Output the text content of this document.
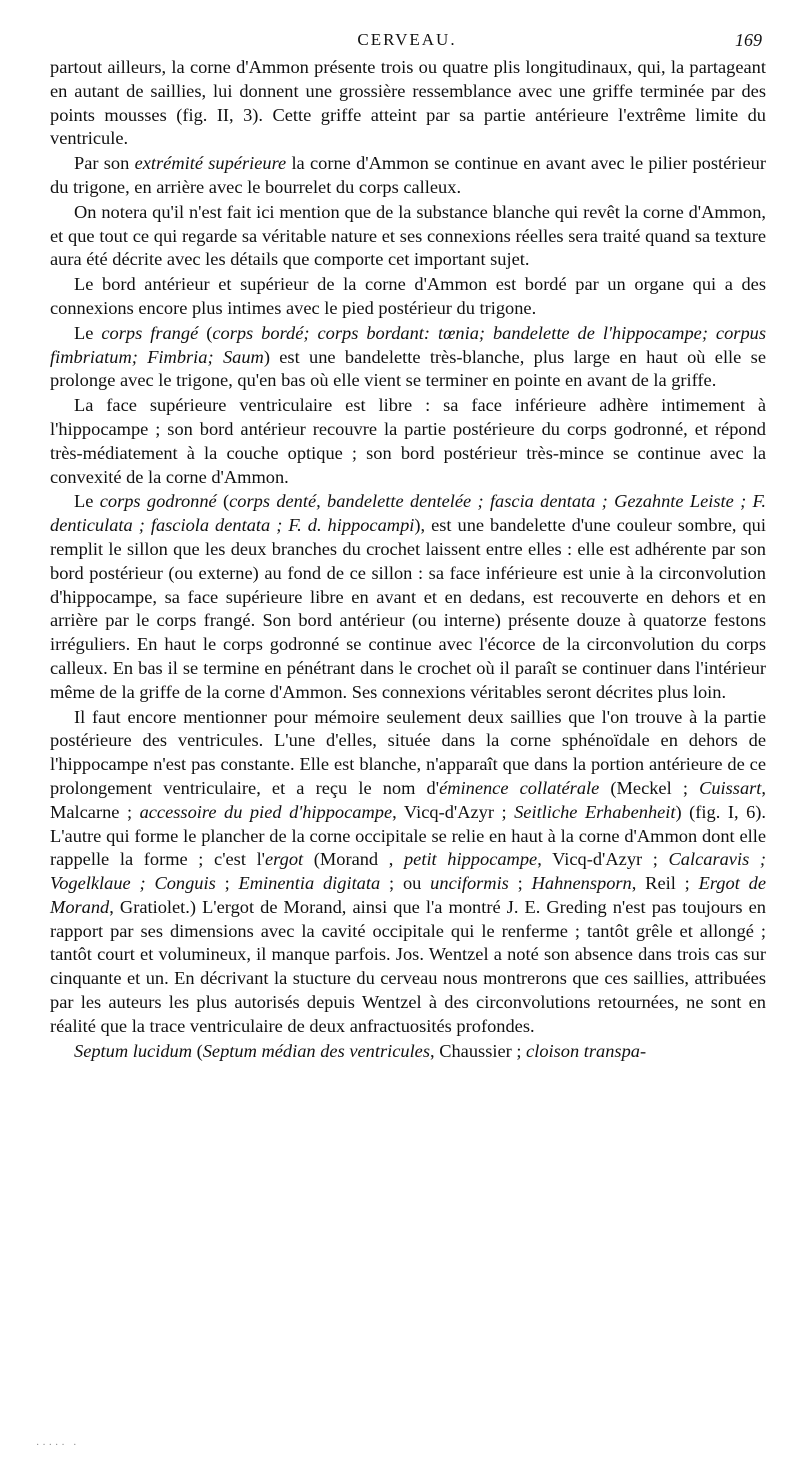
CERVEAU.	169

partout ailleurs, la corne d'Ammon présente trois ou quatre plis longitudinaux, qui, la partageant en autant de saillies, lui donnent une grossière ressemblance avec une griffe terminée par des points mousses (fig. II, 3). Cette griffe atteint par sa partie antérieure l'extrême limite du ventricule.

Par son extrémité supérieure la corne d'Ammon se continue en avant avec le pilier postérieur du trigone, en arrière avec le bourrelet du corps calleux.

On notera qu'il n'est fait ici mention que de la substance blanche qui revêt la corne d'Ammon, et que tout ce qui regarde sa véritable nature et ses connexions réelles sera traité quand sa texture aura été décrite avec les détails que comporte cet important sujet.

Le bord antérieur et supérieur de la corne d'Ammon est bordé par un organe qui a des connexions encore plus intimes avec le pied postérieur du trigone.

Le corps frangé (corps bordé; corps bordant: tœnia; bandelette de l'hippocampe; corpus fimbriatum; Fimbria; Saum) est une bandelette très-blanche, plus large en haut où elle se prolonge avec le trigone, qu'en bas où elle vient se terminer en pointe en avant de la griffe.

La face supérieure ventriculaire est libre : sa face inférieure adhère intimement à l'hippocampe ; son bord antérieur recouvre la partie postérieure du corps godronné, et répond très-médiatement à la couche optique ; son bord postérieur très-mince se continue avec la convexité de la corne d'Ammon.

Le corps godronné (corps denté, bandelette dentelée ; fascia dentata ; Gezahnte Leiste ; F. denticulata ; fasciola dentata ; F. d. hippocampi), est une bandelette d'une couleur sombre, qui remplit le sillon que les deux branches du crochet laissent entre elles : elle est adhérente par son bord postérieur (ou externe) au fond de ce sillon : sa face inférieure est unie à la circonvolution d'hippocampe, sa face supérieure libre en avant et en dedans, est recouverte en dehors et en arrière par le corps frangé. Son bord antérieur (ou interne) présente douze à quatorze festons irréguliers. En haut le corps godronné se continue avec l'écorce de la circonvolution du corps calleux. En bas il se termine en pénétrant dans le crochet où il paraît se continuer dans l'intérieur même de la griffe de la corne d'Ammon. Ses connexions véritables seront décrites plus loin.

Il faut encore mentionner pour mémoire seulement deux saillies que l'on trouve à la partie postérieure des ventricules. L'une d'elles, située dans la corne sphénoïdale en dehors de l'hippocampe n'est pas constante. Elle est blanche, n'apparaît que dans la portion antérieure de ce prolongement ventriculaire, et a reçu le nom d'éminence collatérale (Meckel ; Cuissart, Malcarne ; accessoire du pied d'hippocampe, Vicq-d'Azyr ; Seitliche Erhabenheit) (fig. I, 6). L'autre qui forme le plancher de la corne occipitale se relie en haut à la corne d'Ammon dont elle rappelle la forme ; c'est l'ergot (Morand , petit hippocampe, Vicq-d'Azyr ; Calcaravis ; Vogelklaue ; Conguis ; Eminentia digitata ; ou unciformis ; Hahnensporn, Reil ; Ergot de Morand, Gratiolet.) L'ergot de Morand, ainsi que l'a montré J. E. Greding n'est pas toujours en rapport par ses dimensions avec la cavité occipitale qui le renferme ; tantôt grêle et allongé ; tantôt court et volumineux, il manque parfois. Jos. Wentzel a noté son absence dans trois cas sur cinquante et un. En décrivant la stucture du cerveau nous montrerons que ces saillies, attribuées par les auteurs les plus autorisés depuis Wentzel à des circonvolutions retournées, ne sont en réalité que la trace ventriculaire de deux anfractuosités profondes.

Septum lucidum (Septum médian des ventricules, Chaussier ; cloison transpa-

····· ·
